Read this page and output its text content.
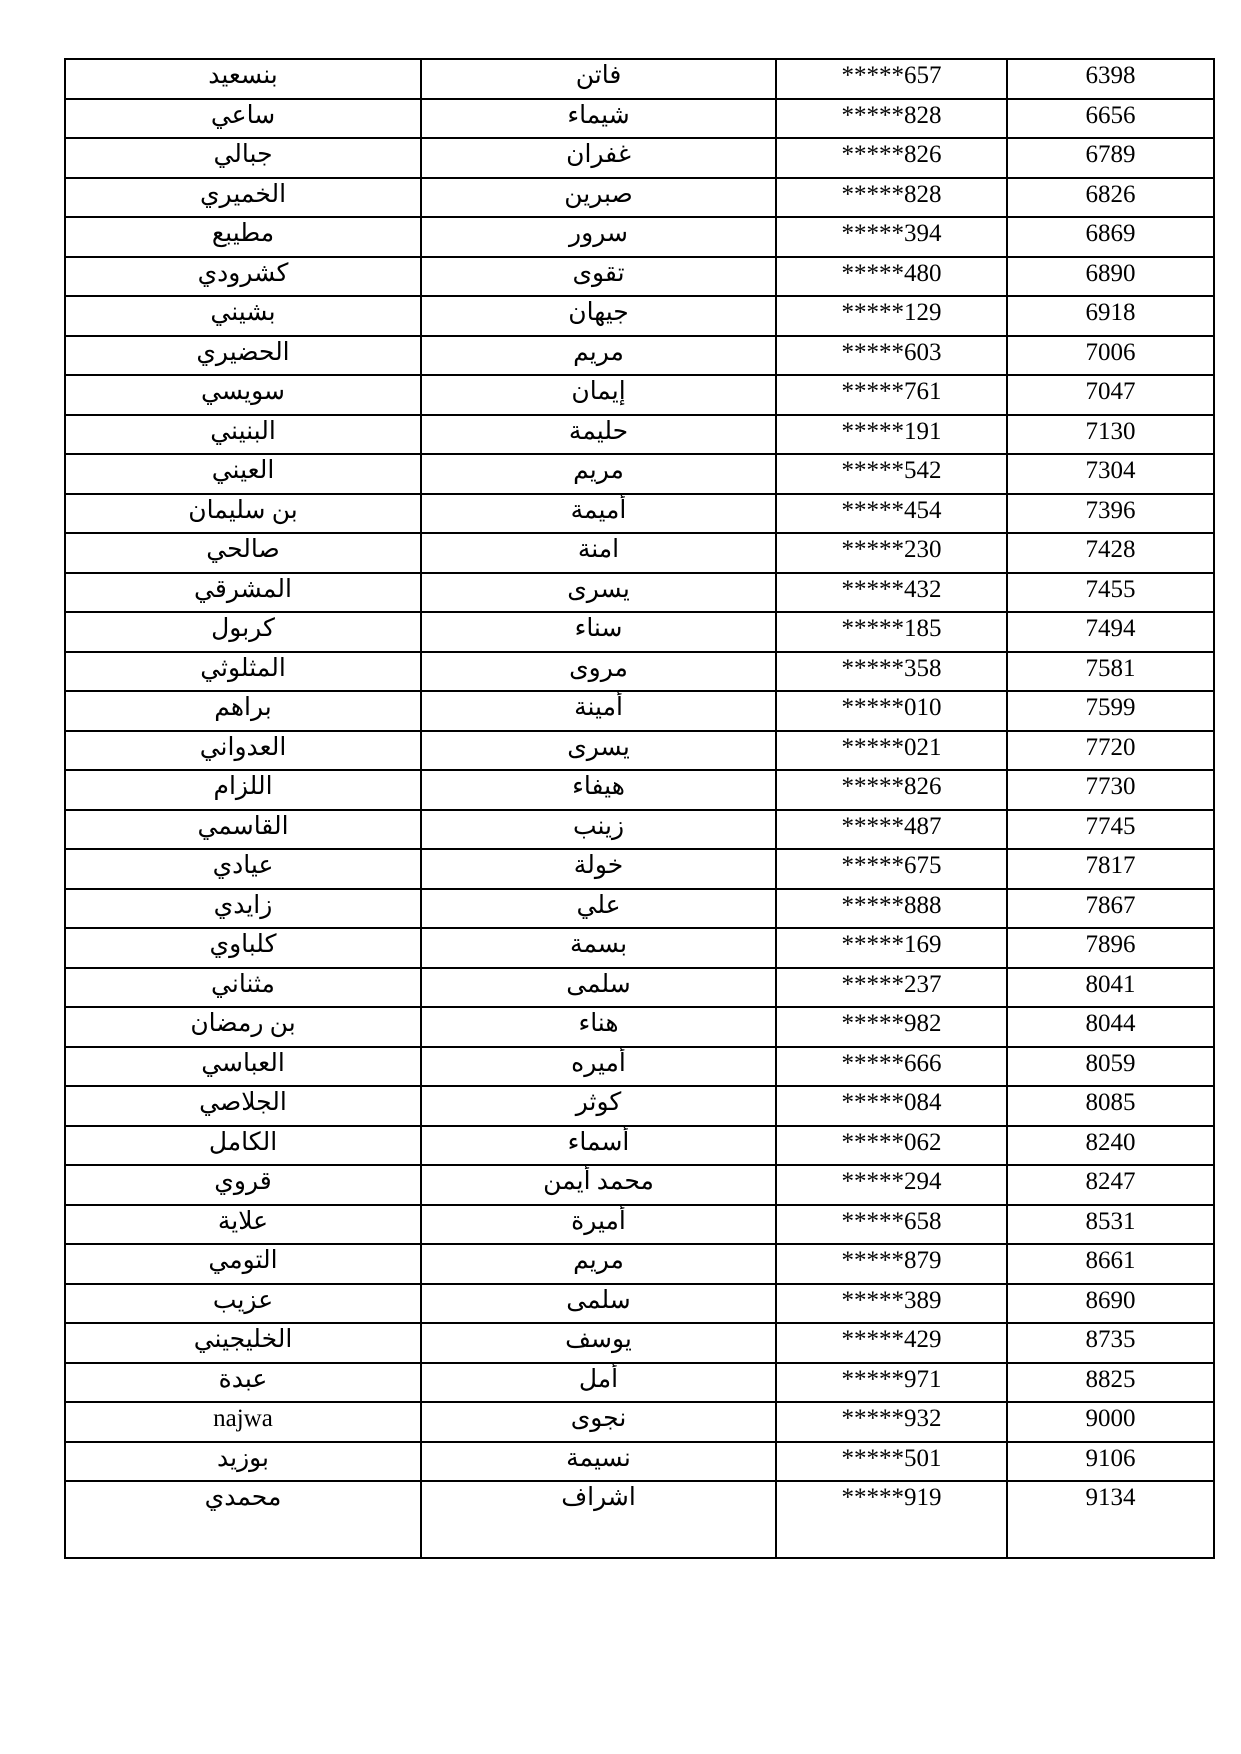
بنسعيد	فاتن	*****657	6398
ساعي	شيماء	*****828	6656
جبالي	غفران	*****826	6789
الخميري	صبرين	*****828	6826
مطيبع	سرور	*****394	6869
كشرودي	تقوى	*****480	6890
بشيني	جيهان	*****129	6918
الحضيري	مريم	*****603	7006
سويسي	إيمان	*****761	7047
البنيني	حليمة	*****191	7130
العيني	مريم	*****542	7304
بن سليمان	أميمة	*****454	7396
صالحي	امنة	*****230	7428
المشرقي	يسرى	*****432	7455
كربول	سناء	*****185	7494
المثلوثي	مروى	*****358	7581
براهم	أمينة	*****010	7599
العدواني	يسرى	*****021	7720
اللزام	هيفاء	*****826	7730
القاسمي	زينب	*****487	7745
عيادي	خولة	*****675	7817
زايدي	علي	*****888	7867
كلباوي	بسمة	*****169	7896
مثناني	سلمى	*****237	8041
بن رمضان	هناء	*****982	8044
العباسي	أميره	*****666	8059
الجلاصي	كوثر	*****084	8085
الكامل	أسماء	*****062	8240
قروي	محمد أيمن	*****294	8247
علاية	أميرة	*****658	8531
التومي	مريم	*****879	8661
عزيب	سلمى	*****389	8690
الخليجيني	يوسف	*****429	8735
عبدة	أمل	*****971	8825
najwa	نجوى	*****932	9000
بوزيد	نسيمة	*****501	9106
محمدي	اشراف	*****919	9134
